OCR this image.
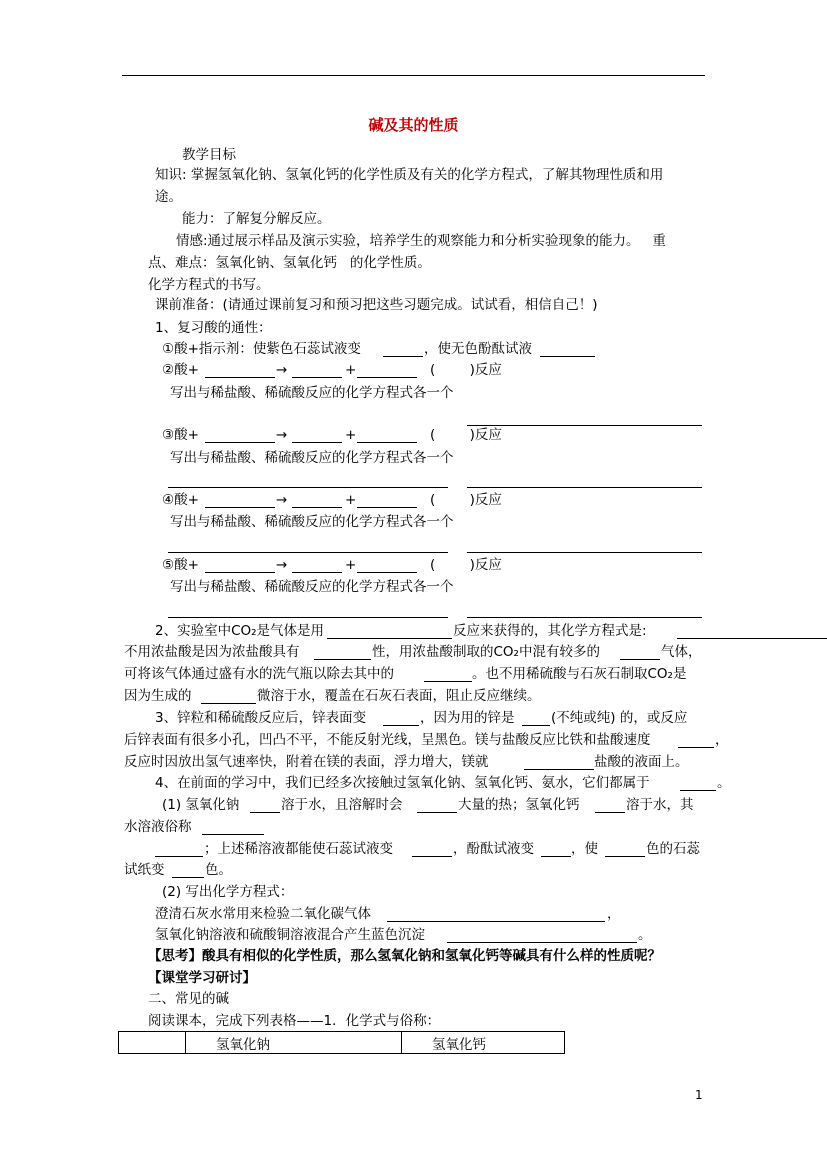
碱及其的性质
教学目标
知识: 掌握氢氧化钠、氢氧化钙的化学性质及有关的化学方程式，了解其物理性质和用
途。
能力：了解复分解反应。
情感:通过展示样品及演示实验，培养学生的观察能力和分析实验现象的能力。   重
点、难点：氢氧化钠、氢氧化钙   的化学性质。
化学方程式的书写。
课前准备：(请通过课前复习和预习把这些习题完成。试试看，相信自己！)
1、复习酸的通性：
①酸+指示剂：使紫色石蕊试液变	，使无色酚酞试液
②酸+	→	+	(        )反应
写出与稀盐酸、稀硫酸反应的化学方程式各一个
③酸+	→	+	(        )反应
写出与稀盐酸、稀硫酸反应的化学方程式各一个
④酸+	→	+	(        )反应
写出与稀盐酸、稀硫酸反应的化学方程式各一个
⑤酸+	→	+	(        )反应
写出与稀盐酸、稀硫酸反应的化学方程式各一个
2、实验室中CO₂是气体是用	反应来获得的，其化学方程式是:
不用浓盐酸是因为浓盐酸具有	性，用浓盐酸制取的CO₂中混有较多的	气体，
可将该气体通过盛有水的洗气瓶以除去其中的	。也不用稀硫酸与石灰石制取CO₂是
因为生成的	微溶于水，覆盖在石灰石表面，阻止反应继续。
3、锌粒和稀硫酸反应后，锌表面变	，因为用的锌是	(不纯或纯) 的，或反应
后锌表面有很多小孔，凹凸不平，不能反射光线，呈黑色。镁与盐酸反应比铁和盐酸速度	，
反应时因放出氢气速率快，附着在镁的表面，浮力增大，镁就	盐酸的液面上。
4、在前面的学习中，我们已经多次接触过氢氧化钠、氢氧化钙、氨水，它们都属于	。
(1) 氢氧化钠	溶于水，且溶解时会	大量的热；氢氧化钙	溶于水，其
水溶液俗称
；上述稀溶液都能使石蕊试液变	，酚酞试液变	，使	色的石蕊
试纸变	色。
(2) 写出化学方程式：
澄清石灰水常用来检验二氧化碳气体	，
氢氧化钠溶液和硫酸铜溶液混合产生蓝色沉淀	。
【思考】酸具有相似的化学性质，那么氢氧化钠和氢氧化钙等碱具有什么样的性质呢？
【课堂学习研讨】
二、常见的碱
阅读课本，完成下列表格——1．化学式与俗称：
	氢氧化钠	氢氧化钙
1
